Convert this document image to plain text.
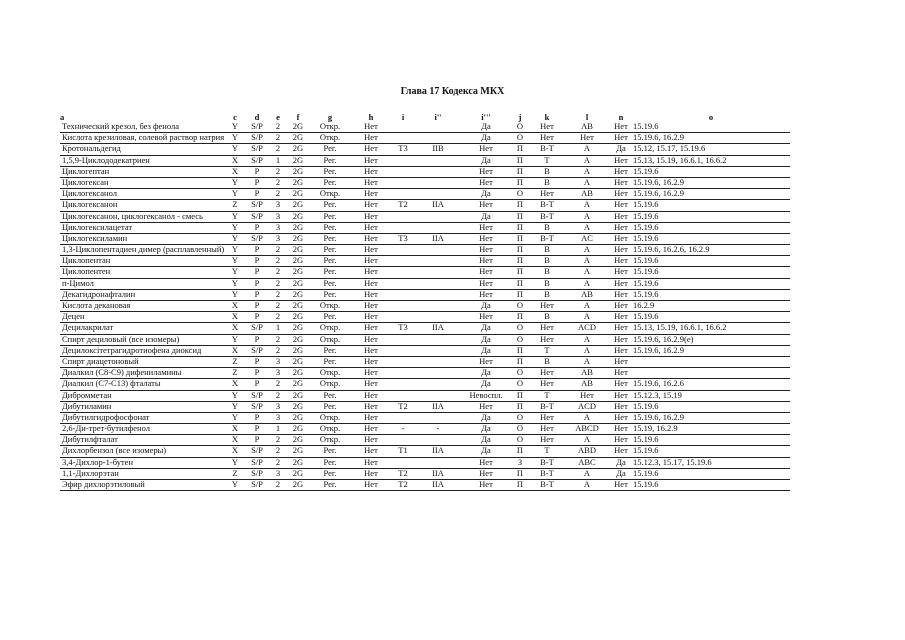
Глава 17 Кодекса МКХ
a	c	d	e	f	g	h	i	i''	i'''	j	k	l	n	o
Технический крезол, без фенола	Y	S/P	2	2G	Откр.	Нет			Да	О	Нет	AB	Нет	15.19.6
Кислота крезиловая, солевой раствор натрия	Y	S/P	2	2G	Откр.	Нет			Да	О	Нет	Нет	Нет	15.19.6, 16.2.9
Кротональдегид	Y	S/P	2	2G	Рег.	Нет	Т3	IIB	Нет	П	В-Т	A	Да	15.12, 15.17, 15.19.6
1,5,9-Циклододекатриен	X	S/P	1	2G	Рег.	Нет			Да	П	Т	A	Нет	15.13, 15.19, 16.6.1, 16.6.2
Циклогептан	X	P	2	2G	Рег.	Нет			Нет	П	В	A	Нет	15.19.6
Циклогексан	Y	P	2	2G	Рег.	Нет			Нет	П	В	A	Нет	15.19.6, 16.2.9
Циклогексанол	Y	P	2	2G	Откр.	Нет			Да	О	Нет	AB	Нет	15.19.6, 16.2.9
Циклогексанон	Z	S/P	3	2G	Рег.	Нет	Т2	IIA	Нет	П	В-Т	A	Нет	15.19.6
Циклогексанон, циклогексанол - смесь	Y	S/P	3	2G	Рег.	Нет			Да	П	В-Т	A	Нет	15.19.6
Циклогексилацетат	Y	P	3	2G	Рег.	Нет			Нет	П	В	A	Нет	15.19.6
Циклогексиламин	Y	S/P	3	2G	Рег.	Нет	Т3	IIA	Нет	П	В-Т	AC	Нет	15.19.6
1,3-Циклопентадиен димер (расплавленный)	Y	P	2	2G	Рег.	Нет			Нет	П	В	A	Нет	15.19.6, 16.2.6, 16.2.9
Циклопентан	Y	P	2	2G	Рег.	Нет			Нет	П	В	A	Нет	15.19.6
Циклопентен	Y	P	2	2G	Рег.	Нет			Нет	П	В	A	Нет	15.19.6
п-Цимол	Y	P	2	2G	Рег.	Нет			Нет	П	В	A	Нет	15.19.6
Декагидронафталин	Y	P	2	2G	Рег.	Нет			Нет	П	В	AB	Нет	15.19.6
Кислота декановая	X	P	2	2G	Откр.	Нет			Да	О	Нет	A	Нет	16.2.9
Децен	X	P	2	2G	Рег.	Нет			Нет	П	В	A	Нет	15.19.6
Децилакрилат	X	S/P	1	2G	Откр.	Нет	Т3	IIA	Да	О	Нет	ACD	Нет	15.13, 15.19, 16.6.1, 16.6.2
Спирт дециловый (все изомеры)	Y	P	2	2G	Откр.	Нет			Да	О	Нет	A	Нет	15.19.6, 16.2.9(e)
Децилоксітетрагидротиофена диоксид	X	S/P	2	2G	Рег.	Нет			Да	П	Т	A	Нет	15.19.6, 16.2.9
Спирт диацетоновый	Z	P	3	2G	Рег.	Нет			Нет	П	В	A	Нет	
Диалкил (C8-C9) дифениламины	Z	P	3	2G	Откр.	Нет			Да	О	Нет	AB	Нет	
Диалкил (C7-C13) фталаты	X	P	2	2G	Откр.	Нет			Да	О	Нет	AB	Нет	15.19.6, 16.2.6
Дибромметан	Y	S/P	2	2G	Рег.	Нет			Невоспл.	П	Т	Нет	Нет	15.12.3, 15.19
Дибутиламин	Y	S/P	3	2G	Рег.	Нет	Т2	IIA	Нет	П	В-Т	ACD	Нет	15.19.6
Дибутилгидрофосфонат	Y	P	3	2G	Откр.	Нет			Да	О	Нет	A	Нет	15.19.6, 16.2.9
2,6-Ди-трет-бутилфенол	X	P	1	2G	Откр.	Нет	-	-	Да	О	Нет	ABCD	Нет	15.19, 16.2.9
Дибутилфталат	X	P	2	2G	Откр.	Нет			Да	О	Нет	A	Нет	15.19.6
Дихлорбензол (все изомеры)	X	S/P	2	2G	Рег.	Нет	Т1	IIA	Да	П	Т	ABD	Нет	15.19.6
3,4-Дихлор-1-бутен	Y	S/P	2	2G	Рег.	Нет			Нет	З	В-Т	ABC	Да	15.12.3, 15.17, 15.19.6
1,1-Дихлорэтан	Z	S/P	3	2G	Рег.	Нет	Т2	IIA	Нет	П	В-Т	A	Да	15.19.6
Эфир дихлорэтиловый	Y	S/P	2	2G	Рег.	Нет	Т2	IIA	Нет	П	В-Т	A	Нет	15.19.6
